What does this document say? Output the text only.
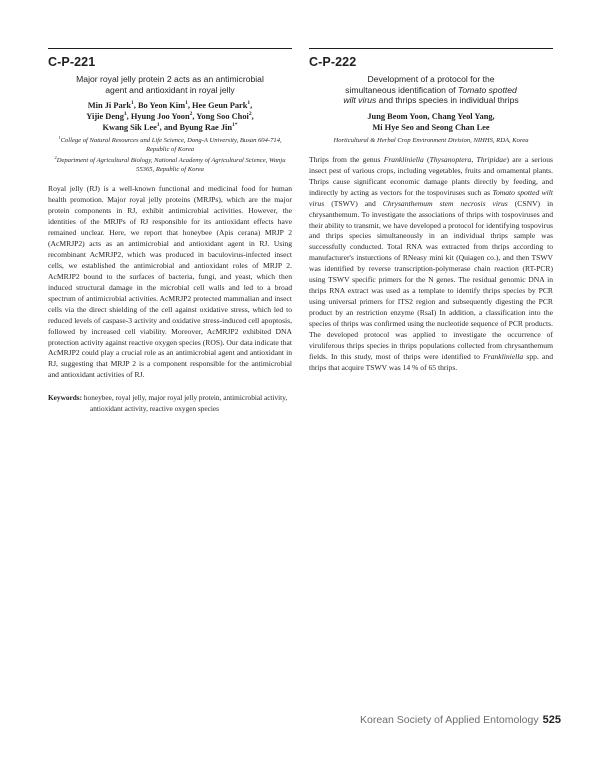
C-P-221
Major royal jelly protein 2 acts as an antimicrobial
agent and antioxidant in royal jelly
Min Ji Park$^1$, Bo Yeon Kim$^1$, Hee Geun Park$^1$,
Yijie Deng$^1$, Hyung Joo Yoon$^2$, Yong Soo Choi$^2$,
Kwang Sik Lee$^1$, and Byung Rae Jin$^{1*}$

$^1$College of Natural Resources and Life Science, Dong-A University, Busan 604-714, Republic of Korea

$^2$Department of Agricultural Biology, National Academy of Agricultural Science, Wanju 55365, Republic of Korea

Royal jelly (RJ) is a well-known functional and medicinal food for human health promotion. Major royal jelly proteins (MRJPs), which are the major protein components in RJ, exhibit antimicrobial activities. However, the identities of the MRJPs of RJ responsible for its antioxidant effects have remained unclear. Here, we report that honeybee (Apis cerana) MRJP 2 (AcMRJP2) acts as an antimicrobial and antioxidant agent in RJ. Using recombinant AcMRJP2, which was produced in baculovirus-infected insect cells, we established the antimicrobial and antioxidant roles of MRJP 2. AcMRJP2 bound to the surfaces of bacteria, fungi, and yeast, which then induced structural damage in the microbial cell walls and led to a broad spectrum of antimicrobial activities. AcMRJP2 protected mammalian and insect cells via the direct shielding of the cell against oxidative stress, which led to reduced levels of caspase-3 activity and oxidative stress-induced cell apoptosis, followed by increased cell viability. Moreover, AcMRJP2 exhibited DNA protection activity against reactive oxygen species (ROS). Our data indicate that AcMRJP2 could play a crucial role as an antimicrobial agent and antioxidant in RJ, suggesting that MRJP 2 is a component responsible for the antimicrobial and antioxidant activities of RJ.

Keywords: honeybee, royal jelly, major royal jelly protein, antimicrobial activity, antioxidant activity, reactive oxygen species
C-P-222
Development of a protocol for the
simultaneous identification of Tomato spotted
wilt virus and thrips species in individual thrips
Jung Beom Yoon, Chang Yeol Yang,
Mi Hye Seo and Seong Chan Lee

Horticultural & Herbal Crop Environment Division, NIHHS, RDA, Korea

Thrips from the genus Frankliniella (Thysanoptera, Thripidae) are a serious insect pest of various crops, including vegetables, fruits and ornamental plants. Thrips cause significant economic damage plants directly by feeding, and indirectly by acting as vectors for the tospoviruses such as Tomato spotted wilt virus (TSWV) and Chrysanthemum stem necrosis virus (CSNV) in chrysanthemum. To investigate the associations of thrips with tospoviruses and their ability to transmit, we have developed a protocol for identifying tospovirus and thrips species simultaneously in an individual thrips sample was successfully conducted. Total RNA was extracted from thrips according to manufacturer's insturctions of RNeasy mini kit (Quiagen co.), and then TSWV was identified by reverse transcription-polymerase chain reaction (RT-PCR) using TSWV specific primers for the N genes. The residual genomic DNA in thrips RNA extract was used as a template to identify thrips species by PCR using universal primers for ITS2 region and subsequently digesting the PCR product by an restriction enzyme (RsaI) In addition, a classification into the species of thrips was confirmed using the nucleotide sequence of PCR products. The developed protocol was applied to investigate the occurrence of viruliferous thrips species in thrips populations collected from chrysanthemum fields. In this study, most of thrips were identified to Frankliniella spp. and thrips that acquire TSWV was 14 % of 65 thrips.

Korean Society of Applied Entomology 525
